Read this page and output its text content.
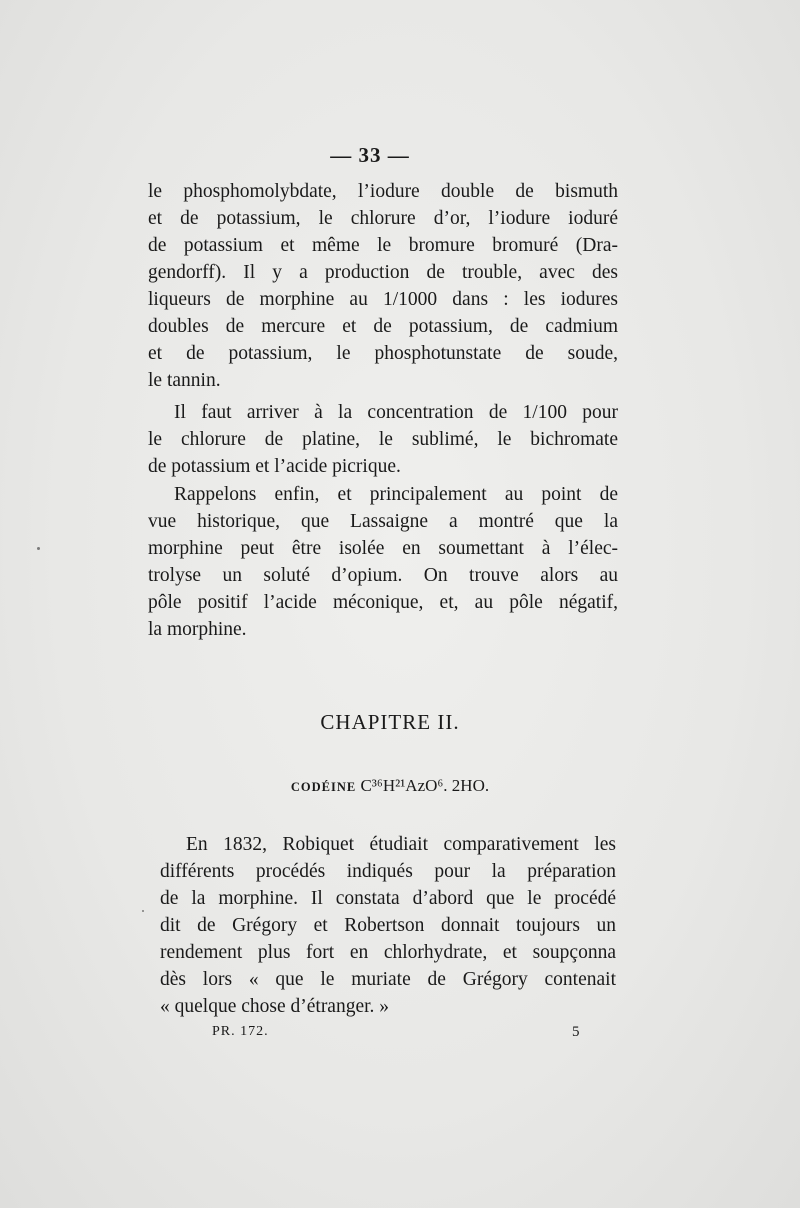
— 33 —
le phosphomolybdate, l’iodure double de bismuth
et de potassium, le chlorure d’or, l’iodure ioduré
de potassium et même le bromure bromuré (Dra-
gendorff). Il y a production de trouble, avec des
liqueurs de morphine au 1/1000 dans : les iodures
doubles de mercure et de potassium, de cadmium
et de potassium, le phosphotunstate de soude,
le tannin.
Il faut arriver à la concentration de 1/100 pour
le chlorure de platine, le sublimé, le bichromate
de potassium et l’acide picrique.
Rappelons enfin, et principalement au point de
vue historique, que Lassaigne a montré que la
morphine peut être isolée en soumettant à l’élec-
trolyse un soluté d’opium. On trouve alors au
pôle positif l’acide méconique, et, au pôle négatif,
la morphine.
CHAPITRE II.
CODÉINE C³⁶H²¹AzO⁶. 2HO.
En 1832, Robiquet étudiait comparativement les
différents procédés indiqués pour la préparation
de la morphine. Il constata d’abord que le procédé
dit de Grégory et Robertson donnait toujours un
rendement plus fort en chlorhydrate, et soupçonna
dès lors « que le muriate de Grégory contenait
« quelque chose d’étranger. »
PR. 172.	5
